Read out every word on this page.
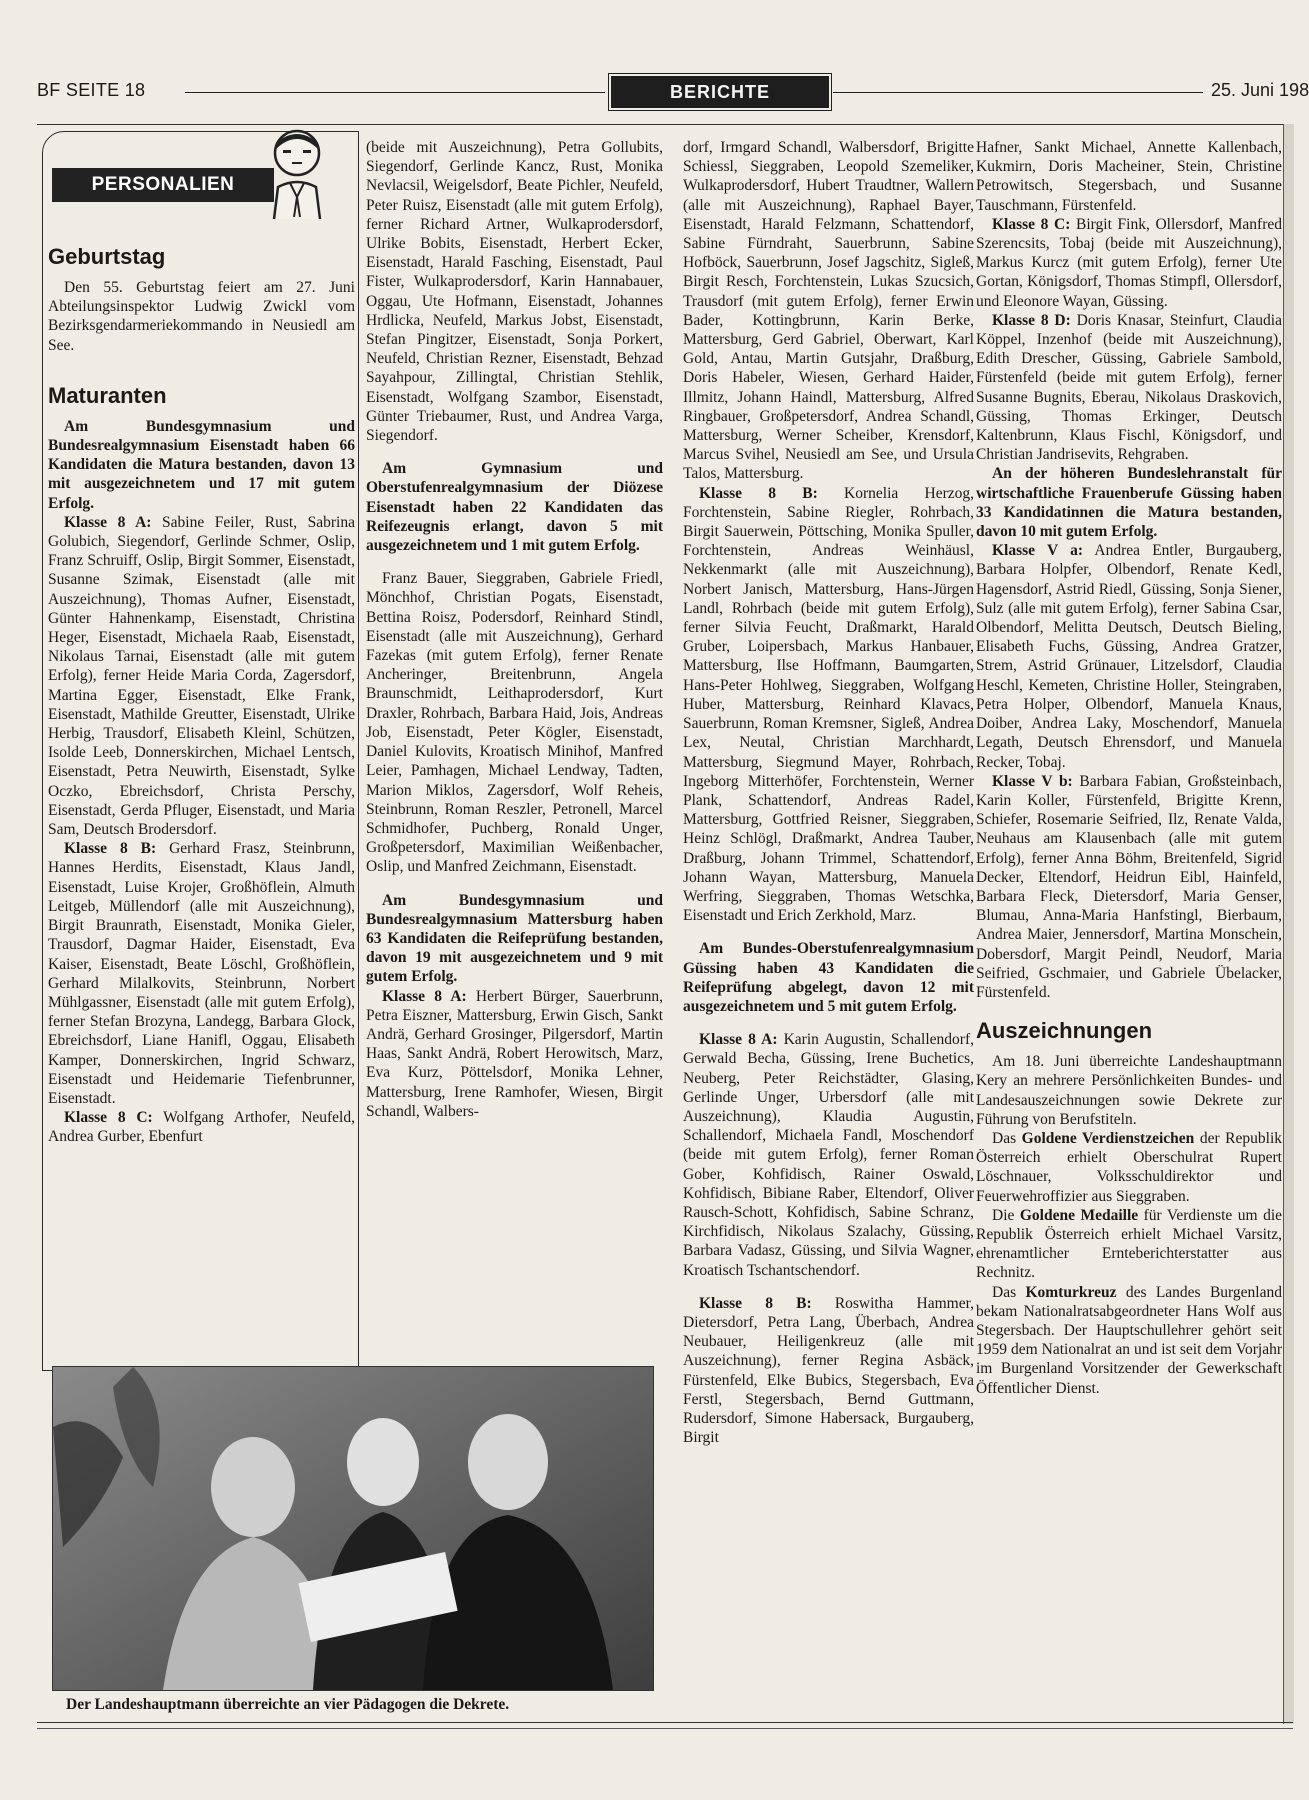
BF SEITE 18	BERICHTE	25. Juni 198
PERSONALIEN
Geburtstag

Den 55. Geburtstag feiert am 27. Juni Abteilungsinspektor Ludwig Zwickl vom Bezirksgendarmeriekommando in Neusiedl am See.

Maturanten

Am Bundesgymnasium und Bundesrealgymnasium Eisenstadt haben 66 Kandidaten die Matura bestanden, davon 13 mit ausgezeichnetem und 17 mit gutem Erfolg.

Klasse 8 A: Sabine Feiler, Rust, Sabrina Golubich, Siegendorf, Gerlinde Schmer, Oslip, Franz Schruiff, Oslip, Birgit Sommer, Eisenstadt, Susanne Szimak, Eisenstadt (alle mit Auszeichnung), Thomas Aufner, Eisenstadt, Günter Hahnenkamp, Eisenstadt, Christina Heger, Eisenstadt, Michaela Raab, Eisenstadt, Nikolaus Tarnai, Eisenstadt (alle mit gutem Erfolg), ferner Heide Maria Corda, Zagersdorf, Martina Egger, Eisenstadt, Elke Frank, Eisenstadt, Mathilde Greutter, Eisenstadt, Ulrike Herbig, Trausdorf, Elisabeth Kleinl, Schützen, Isolde Leeb, Donnerskirchen, Michael Lentsch, Eisenstadt, Petra Neuwirth, Eisenstadt, Sylke Oczko, Ebreichsdorf, Christa Perschy, Eisenstadt, Gerda Pfluger, Eisenstadt, und Maria Sam, Deutsch Brodersdorf.

Klasse 8 B: Gerhard Frasz, Steinbrunn, Hannes Herdits, Eisenstadt, Klaus Jandl, Eisenstadt, Luise Krojer, Großhöflein, Almuth Leitgeb, Müllendorf (alle mit Auszeichnung), Birgit Braunrath, Eisenstadt, Monika Gieler, Trausdorf, Dagmar Haider, Eisenstadt, Eva Kaiser, Eisenstadt, Beate Löschl, Großhöflein, Gerhard Milalkovits, Steinbrunn, Norbert Mühlgassner, Eisenstadt (alle mit gutem Erfolg), ferner Stefan Brozyna, Landegg, Barbara Glock, Ebreichsdorf, Liane Hanifl, Oggau, Elisabeth Kamper, Donnerskirchen, Ingrid Schwarz, Eisenstadt und Heidemarie Tiefenbrunner, Eisenstadt.

Klasse 8 C: Wolfgang Arthofer, Neufeld, Andrea Gurber, Ebenfurt

(beide mit Auszeichnung), Petra Gollubits, Siegendorf, Gerlinde Kancz, Rust, Monika Nevlacsil, Weigelsdorf, Beate Pichler, Neufeld, Peter Ruisz, Eisenstadt (alle mit gutem Erfolg), ferner Richard Artner, Wulkaprodersdorf, Ulrike Bobits, Eisenstadt, Herbert Ecker, Eisenstadt, Harald Fasching, Eisenstadt, Paul Fister, Wulkaprodersdorf, Karin Hannabauer, Oggau, Ute Hofmann, Eisenstadt, Johannes Hrdlicka, Neufeld, Markus Jobst, Eisenstadt, Stefan Pingitzer, Eisenstadt, Sonja Porkert, Neufeld, Christian Rezner, Eisenstadt, Behzad Sayahpour, Zillingtal, Christian Stehlik, Eisenstadt, Wolfgang Szambor, Eisenstadt, Günter Triebaumer, Rust, und Andrea Varga, Siegendorf.

Am Gymnasium und Oberstufenrealgymnasium der Diözese Eisenstadt haben 22 Kandidaten das Reifezeugnis erlangt, davon 5 mit ausgezeichnetem und 1 mit gutem Erfolg.

Franz Bauer, Sieggraben, Gabriele Friedl, Mönchhof, Christian Pogats, Eisenstadt, Bettina Roisz, Podersdorf, Reinhard Stindl, Eisenstadt (alle mit Auszeichnung), Gerhard Fazekas (mit gutem Erfolg), ferner Renate Ancheringer, Breitenbrunn, Angela Braunschmidt, Leithaprodersdorf, Kurt Draxler, Rohrbach, Barbara Haid, Jois, Andreas Job, Eisenstadt, Peter Kögler, Eisenstadt, Daniel Kulovits, Kroatisch Minihof, Manfred Leier, Pamhagen, Michael Lendway, Tadten, Marion Miklos, Zagersdorf, Wolf Reheis, Steinbrunn, Roman Reszler, Petronell, Marcel Schmidhofer, Puchberg, Ronald Unger, Großpetersdorf, Maximilian Weißenbacher, Oslip, und Manfred Zeichmann, Eisenstadt.

Am Bundesgymnasium und Bundesrealgymnasium Mattersburg haben 63 Kandidaten die Reifeprüfung bestanden, davon 19 mit ausgezeichnetem und 9 mit gutem Erfolg.

Klasse 8 A: Herbert Bürger, Sauerbrunn, Petra Eiszner, Mattersburg, Erwin Gisch, Sankt Andrä, Gerhard Grosinger, Pilgersdorf, Martin Haas, Sankt Andrä, Robert Herowitsch, Marz, Eva Kurz, Pöttelsdorf, Monika Lehner, Mattersburg, Irene Ramhofer, Wiesen, Birgit Schandl, Walbers-

dorf, Irmgard Schandl, Walbersdorf, Brigitte Schiessl, Sieggraben, Leopold Szemeliker, Wulkaprodersdorf, Hubert Traudtner, Wallern (alle mit Auszeichnung), Raphael Bayer, Eisenstadt, Harald Felzmann, Schattendorf, Sabine Fürndraht, Sauerbrunn, Sabine Hofböck, Sauerbrunn, Josef Jagschitz, Sigleß, Birgit Resch, Forchtenstein, Lukas Szucsich, Trausdorf (mit gutem Erfolg), ferner Erwin Bader, Kottingbrunn, Karin Berke, Mattersburg, Gerd Gabriel, Oberwart, Karl Gold, Antau, Martin Gutsjahr, Draßburg, Doris Habeler, Wiesen, Gerhard Haider, Illmitz, Johann Haindl, Mattersburg, Alfred Ringbauer, Großpetersdorf, Andrea Schandl, Mattersburg, Werner Scheiber, Krensdorf, Marcus Svihel, Neusiedl am See, und Ursula Talos, Mattersburg.

Klasse 8 B: Kornelia Herzog, Forchtenstein, Sabine Riegler, Rohrbach, Birgit Sauerwein, Pöttsching, Monika Spuller, Forchtenstein, Andreas Weinhäusl, Nekkenmarkt (alle mit Auszeichnung), Norbert Janisch, Mattersburg, Hans-Jürgen Landl, Rohrbach (beide mit gutem Erfolg), ferner Silvia Feucht, Draßmarkt, Harald Gruber, Loipersbach, Markus Hanbauer, Mattersburg, Ilse Hoffmann, Baumgarten, Hans-Peter Hohlweg, Sieggraben, Wolfgang Huber, Mattersburg, Reinhard Klavacs, Sauerbrunn, Roman Kremsner, Sigleß, Andrea Lex, Neutal, Christian Marchhardt, Mattersburg, Siegmund Mayer, Rohrbach, Ingeborg Mitterhöfer, Forchtenstein, Werner Plank, Schattendorf, Andreas Radel, Mattersburg, Gottfried Reisner, Sieggraben, Heinz Schlögl, Draßmarkt, Andrea Tauber, Draßburg, Johann Trimmel, Schattendorf, Johann Wayan, Mattersburg, Manuela Werfring, Sieggraben, Thomas Wetschka, Eisenstadt und Erich Zerkhold, Marz.

Am Bundes-Oberstufenrealgymnasium Güssing haben 43 Kandidaten die Reifeprüfung abgelegt, davon 12 mit ausgezeichnetem und 5 mit gutem Erfolg.

Klasse 8 A: Karin Augustin, Schallendorf, Gerwald Becha, Güssing, Irene Buchetics, Neuberg, Peter Reichstädter, Glasing, Gerlinde Unger, Urbersdorf (alle mit Auszeichnung), Klaudia Augustin, Schallendorf, Michaela Fandl, Moschendorf (beide mit gutem Erfolg), ferner Roman Gober, Kohfidisch, Rainer Oswald, Kohfidisch, Bibiane Raber, Eltendorf, Oliver Rausch-Schott, Kohfidisch, Sabine Schranz, Kirchfidisch, Nikolaus Szalachy, Güssing, Barbara Vadasz, Güssing, und Silvia Wagner, Kroatisch Tschantschendorf.

Klasse 8 B: Roswitha Hammer, Dietersdorf, Petra Lang, Überbach, Andrea Neubauer, Heiligenkreuz (alle mit Auszeichnung), ferner Regina Asbäck, Fürstenfeld, Elke Bubics, Stegersbach, Eva Ferstl, Stegersbach, Bernd Guttmann, Rudersdorf, Simone Habersack, Burgauberg, Birgit

Hafner, Sankt Michael, Annette Kallenbach, Kukmirn, Doris Macheiner, Stein, Christine Petrowitsch, Stegersbach, und Susanne Tauschmann, Fürstenfeld.

Klasse 8 C: Birgit Fink, Ollersdorf, Manfred Szerencsits, Tobaj (beide mit Auszeichnung), Markus Kurcz (mit gutem Erfolg), ferner Ute Gortan, Königsdorf, Thomas Stimpfl, Ollersdorf, und Eleonore Wayan, Güssing.

Klasse 8 D: Doris Knasar, Steinfurt, Claudia Köppel, Inzenhof (beide mit Auszeichnung), Edith Drescher, Güssing, Gabriele Sambold, Fürstenfeld (beide mit gutem Erfolg), ferner Susanne Bugnits, Eberau, Nikolaus Draskovich, Güssing, Thomas Erkinger, Deutsch Kaltenbrunn, Klaus Fischl, Königsdorf, und Christian Jandrisevits, Rehgraben.

An der höheren Bundeslehranstalt für wirtschaftliche Frauenberufe Güssing haben 33 Kandidatinnen die Matura bestanden, davon 10 mit gutem Erfolg.

Klasse V a: Andrea Entler, Burgauberg, Barbara Holpfer, Olbendorf, Renate Kedl, Hagensdorf, Astrid Riedl, Güssing, Sonja Siener, Sulz (alle mit gutem Erfolg), ferner Sabina Csar, Olbendorf, Melitta Deutsch, Deutsch Bieling, Elisabeth Fuchs, Güssing, Andrea Gratzer, Strem, Astrid Grünauer, Litzelsdorf, Claudia Heschl, Kemeten, Christine Holler, Steingraben, Petra Holper, Olbendorf, Manuela Knaus, Doiber, Andrea Laky, Moschendorf, Manuela Legath, Deutsch Ehrensdorf, und Manuela Recker, Tobaj.

Klasse V b: Barbara Fabian, Großsteinbach, Karin Koller, Fürstenfeld, Brigitte Krenn, Schiefer, Rosemarie Seifried, Ilz, Renate Valda, Neuhaus am Klausenbach (alle mit gutem Erfolg), ferner Anna Böhm, Breitenfeld, Sigrid Decker, Eltendorf, Heidrun Eibl, Hainfeld, Barbara Fleck, Dietersdorf, Maria Genser, Blumau, Anna-Maria Hanfstingl, Bierbaum, Andrea Maier, Jennersdorf, Martina Monschein, Dobersdorf, Margit Peindl, Neudorf, Maria Seifried, Gschmaier, und Gabriele Übelacker, Fürstenfeld.

Auszeichnungen

Am 18. Juni überreichte Landeshauptmann Kery an mehrere Persönlichkeiten Bundes- und Landesauszeichnungen sowie Dekrete zur Führung von Berufstiteln.

Das Goldene Verdienstzeichen der Republik Österreich erhielt Oberschulrat Rupert Löschnauer, Volksschuldirektor und Feuerwehroffizier aus Sieggraben.

Die Goldene Medaille für Verdienste um die Republik Österreich erhielt Michael Varsitz, ehrenamtlicher Ernteberichterstatter aus Rechnitz.

Das Komturkreuz des Landes Burgenland bekam Nationalratsabgeordneter Hans Wolf aus Stegersbach. Der Hauptschullehrer gehört seit 1959 dem Nationalrat an und ist seit dem Vorjahr im Burgenland Vorsitzender der Gewerkschaft Öffentlicher Dienst.

Der Landeshauptmann überreichte an vier Pädagogen die Dekrete.
